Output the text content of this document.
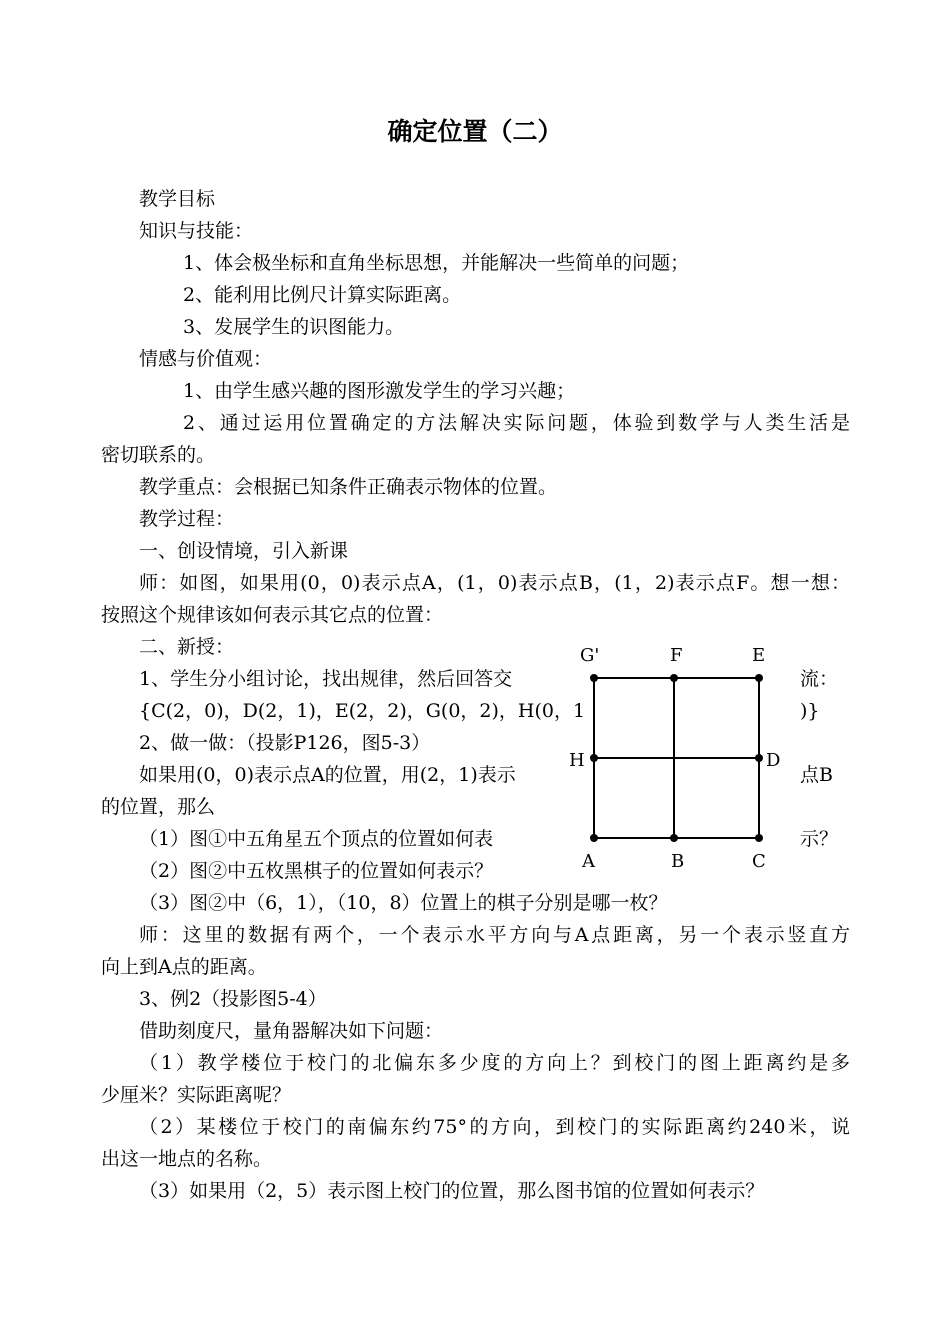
确定位置（二）
教学目标
知识与技能：
1、体会极坐标和直角坐标思想，并能解决一些简单的问题；
2、能利用比例尺计算实际距离。
3、发展学生的识图能力。
情感与价值观：
1、由学生感兴趣的图形激发学生的学习兴趣；
2、通过运用位置确定的方法解决实际问题，体验到数学与人类生活是
密切联系的。
教学重点：会根据已知条件正确表示物体的位置。
教学过程：
一、创设情境，引入新课
师：如图，如果用(0，0)表示点A，(1，0)表示点B，(1，2)表示点F。想一想：
按照这个规律该如何表示其它点的位置：
二、新授：
1、学生分小组讨论，找出规律，然后回答交	流：
{C(2，0)，D(2，1)，E(2，2)，G(0，2)，H(0，1	)}
2、做一做：（投影P126，图5-3）
如果用(0，0)表示点A的位置，用(2，1)表示	点B
的位置，那么
（1）图①中五角星五个顶点的位置如何表	示？
（2）图②中五枚黑棋子的位置如何表示？
（3）图②中（6，1），（10，8）位置上的棋子分别是哪一枚？
师：这里的数据有两个，一个表示水平方向与A点距离，另一个表示竖直方
向上到A点的距离。
3、例2（投影图5-4）
借助刻度尺，量角器解决如下问题：
（1）教学楼位于校门的北偏东多少度的方向上？到校门的图上距离约是多
少厘米？实际距离呢？
（2）某楼位于校门的南偏东约75°的方向，到校门的实际距离约240米，说
出这一地点的名称。
（3）如果用（2，5）表示图上校门的位置，那么图书馆的位置如何表示？
G'	F	E
H	D
A	B	C
